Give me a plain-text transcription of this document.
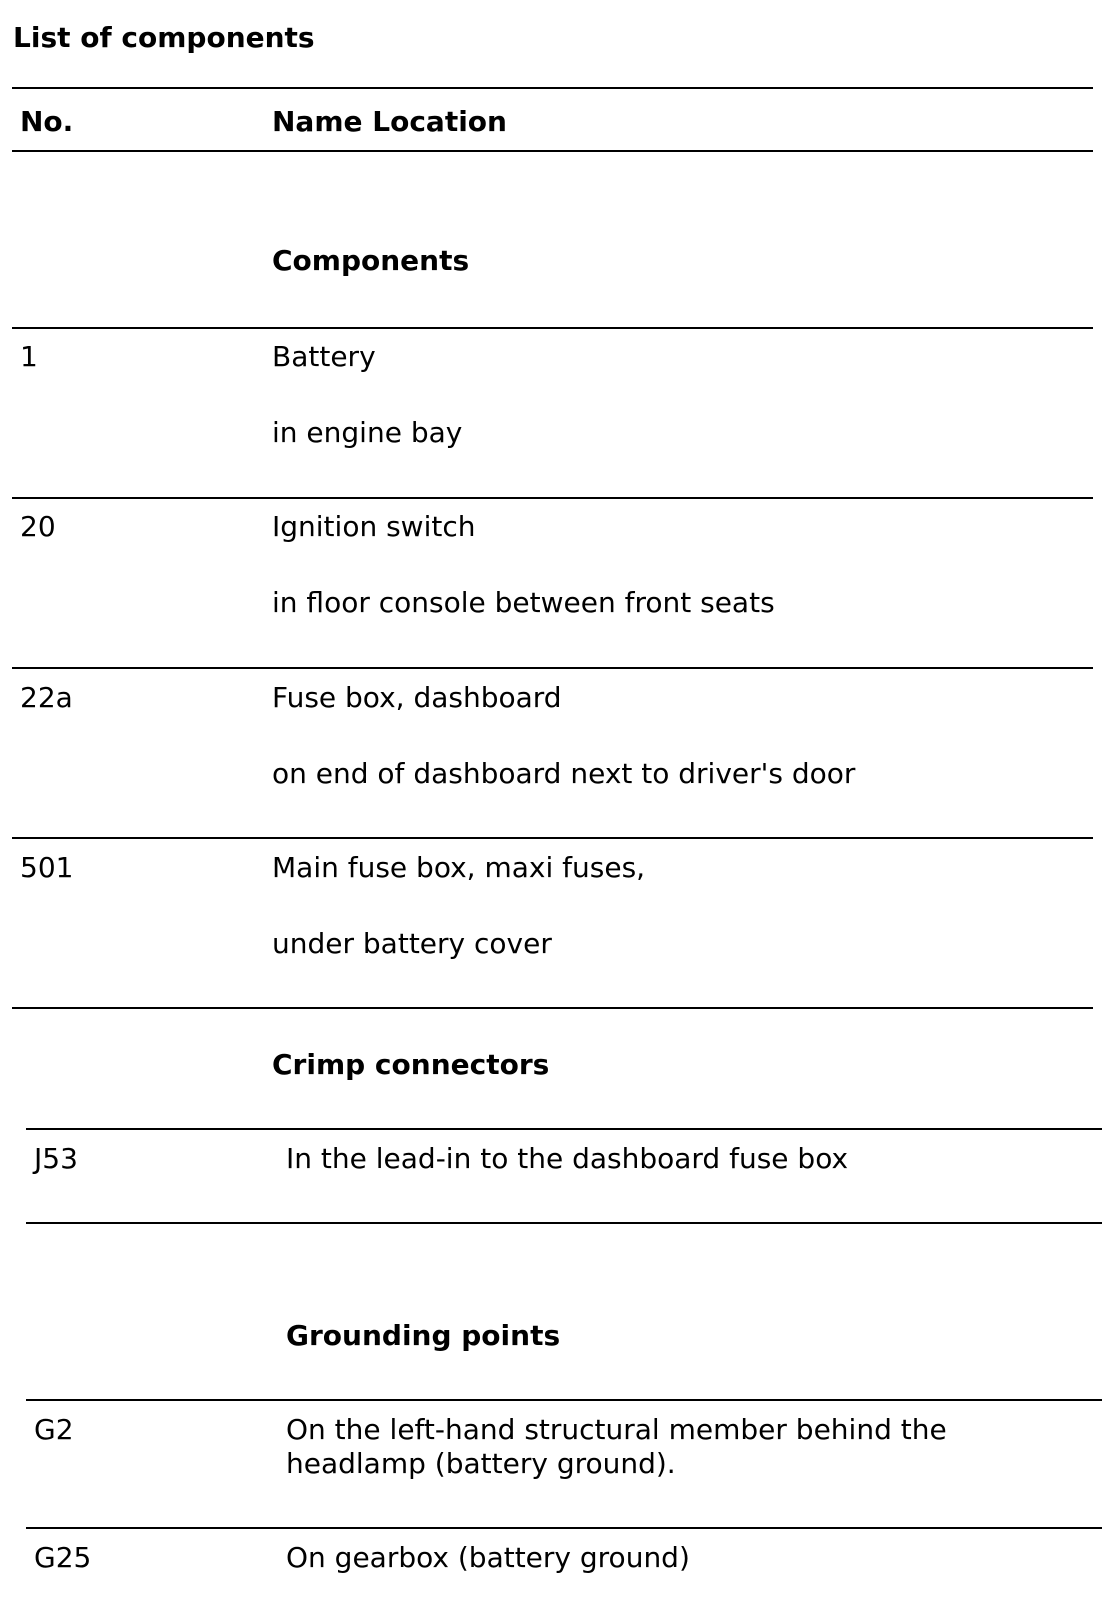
List of components
No.	Name Location
Components
1	Battery
in engine bay
20	Ignition switch
in floor console between front seats
22a	Fuse box, dashboard
on end of dashboard next to driver's door
501	Main fuse box, maxi fuses,
under battery cover
Crimp connectors
J53	In the lead-in to the dashboard fuse box
Grounding points
G2	On the left-hand structural member behind the
headlamp (battery ground).
G25	On gearbox (battery ground)
